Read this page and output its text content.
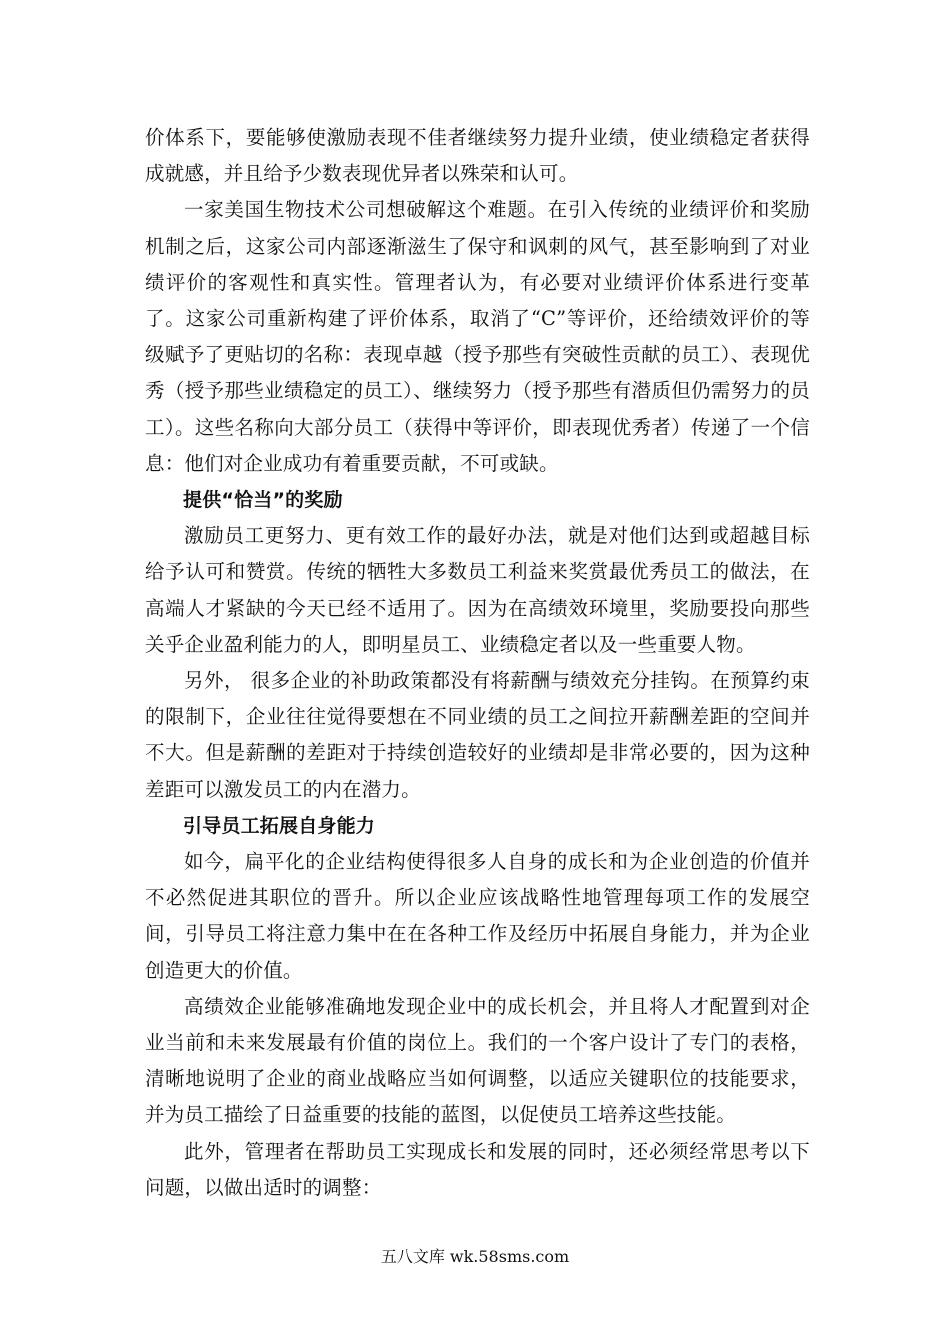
价体系下，要能够使激励表现不佳者继续努力提升业绩，使业绩稳定者获得成就感，并且给予少数表现优异者以殊荣和认可。

一家美国生物技术公司想破解这个难题。在引入传统的业绩评价和奖励机制之后，这家公司内部逐渐滋生了保守和讽刺的风气，甚至影响到了对业绩评价的客观性和真实性。管理者认为，有必要对业绩评价体系进行变革了。这家公司重新构建了评价体系，取消了“C”等评价，还给绩效评价的等级赋予了更贴切的名称：表现卓越（授予那些有突破性贡献的员工）、表现优秀（授予那些业绩稳定的员工）、继续努力（授予那些有潜质但仍需努力的员工）。这些名称向大部分员工（获得中等评价，即表现优秀者）传递了一个信息：他们对企业成功有着重要贡献，不可或缺。

提供“恰当”的奖励

激励员工更努力、更有效工作的最好办法，就是对他们达到或超越目标给予认可和赞赏。传统的牺牲大多数员工利益来奖赏最优秀员工的做法，在高端人才紧缺的今天已经不适用了。因为在高绩效环境里，奖励要投向那些关乎企业盈利能力的人，即明星员工、业绩稳定者以及一些重要人物。

另外， 很多企业的补助政策都没有将薪酬与绩效充分挂钩。在预算约束的限制下，企业往往觉得要想在不同业绩的员工之间拉开薪酬差距的空间并不大。但是薪酬的差距对于持续创造较好的业绩却是非常必要的，因为这种差距可以激发员工的内在潜力。

引导员工拓展自身能力

如今，扁平化的企业结构使得很多人自身的成长和为企业创造的价值并不必然促进其职位的晋升。所以企业应该战略性地管理每项工作的发展空间，引导员工将注意力集中在在各种工作及经历中拓展自身能力，并为企业创造更大的价值。

高绩效企业能够准确地发现企业中的成长机会，并且将人才配置到对企业当前和未来发展最有价值的岗位上。我们的一个客户设计了专门的表格，清晰地说明了企业的商业战略应当如何调整，以适应关键职位的技能要求，并为员工描绘了日益重要的技能的蓝图，以促使员工培养这些技能。

此外，管理者在帮助员工实现成长和发展的同时，还必须经常思考以下问题，以做出适时的调整：

五八文库 wk.58sms.com
